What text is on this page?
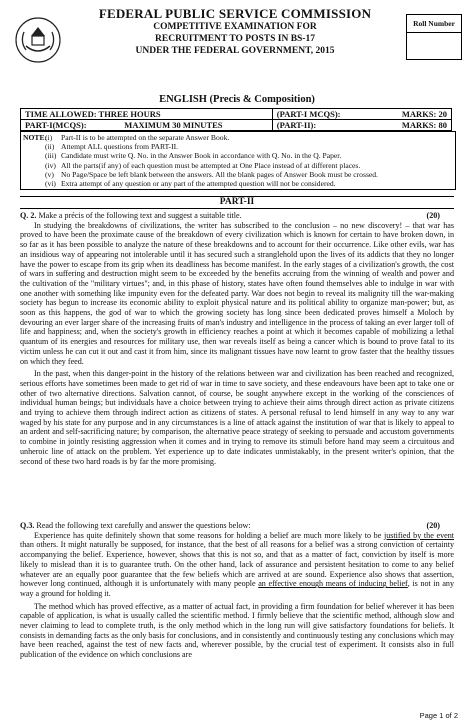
FEDERAL PUBLIC SERVICE COMMISSION
COMPETITIVE EXAMINATION FOR
RECRUITMENT TO POSTS IN BS-17
UNDER THE FEDERAL GOVERNMENT, 2015
Roll Number
ENGLISH (Precis & Composition)
TIME ALLOWED: THREE HOURS		(PART-I MCQS):	MARKS: 20
PART-I(MCQS):	MAXIMUM 30 MINUTES	(PART-II):	MARKS: 80
NOTE:
(i)	Part-II is to be attempted on the separate Answer Book.
(ii) Attempt ALL questions from PART-II.
(iii) Candidate must write Q. No. in the Answer Book in accordance with Q. No. in the Q. Paper.
(iv) All the parts(if any) of each question must be attempted at One Place instead of at different places.
(v) No Page/Space be left blank between the answers. All the blank pages of Answer Book must be crossed.
(vi) Extra attempt of any question or any part of the attempted question will not be considered.
PART-II
Q. 2. Make a précis of the following text and suggest a suitable title.	(20)

In studying the breakdowns of civilizations, the writer has subscribed to the conclusion – no new discovery! – that war has proved to have been the proximate cause of the breakdown of every civilization which is known for certain to have broken down, in so far as it has been possible to analyze the nature of these breakdowns and to account for their occurrence. Like other evils, war has an insidious way of appearing not intolerable until it has secured such a stranglehold upon the lives of its addicts that they no longer have the power to escape from its grip when its deadliness has become manifest. In the early stages of a civilization's growth, the cost of wars in suffering and destruction might seem to be exceeded by the benefits accruing from the winning of wealth and power and the cultivation of the "military virtues"; and, in this phase of history, states have often found themselves able to indulge in war with one another with something like impunity even for the defeated party. War does not begin to reveal its malignity till the war-making society has begun to increase its economic ability to exploit physical nature and its political ability to organize man-power; but, as soon as this happens, the god of war to which the growing society has long since been dedicated proves himself a Moloch by devouring an ever larger share of the increasing fruits of man's industry and intelligence in the process of taking an ever larger toll of life and happiness; and, when the society's growth in efficiency reaches a point at which it becomes capable of mobilizing a lethal quantum of its energies and resources for military use, then war reveals itself as being a cancer which is bound to prove fatal to its victim unless he can cut it out and cast it from him, since its malignant tissues have now learnt to grow faster that the healthy tissues on which they feed.

In the past, when this danger-point in the history of the relations between war and civilization has been reached and recognized, serious efforts have sometimes been made to get rid of war in time to save society, and these endeavours have been apt to take one or other of two alternative directions. Salvation cannot, of course, be sought anywhere except in the working of the consciences of individual human beings; but individuals have a choice between trying to achieve their aims through direct action as private citizens and trying to achieve them through indirect action as citizens of states. A personal refusal to lend himself in any way to any war waged by his state for any purpose and in any circumstances is a line of attack against the institution of war that is likely to appeal to an ardent and self-sacrificing nature; by comparison, the alternative peace strategy of seeking to persuade and accustom governments to combine in jointly resisting aggression when it comes and in trying to remove its stimuli before hand may seem a circuitous and unheroic line of attack on the problem. Yet experience up to date indicates unmistakably, in the present writer's opinion, that the second of these two hard roads is by far the more promising.

Q.3. Read the following text carefully and answer the questions below:	(20)

Experience has quite definitely shown that some reasons for holding a belief are much more likely to be justified by the event than others. It might naturally be supposed, for instance, that the best of all reasons for a belief was a strong conviction of certainty accompanying the belief. Experience, however, shows that this is not so, and that as a matter of fact, conviction by itself is more likely to mislead than it is to guarantee truth. On the other hand, lack of assurance and persistent hesitation to come to any belief whatever are an equally poor guarantee that the few beliefs which are arrived at are sound. Experience also shows that assertion, however long continued, although it is unfortunately with many people an effective enough means of inducing belief, is not in any way a ground for holding it.

The method which has proved effective, as a matter of actual fact, in providing a firm foundation for belief wherever it has been capable of application, is what is usually called the scientific method. I firmly believe that the scientific method, although slow and never claiming to lead to complete truth, is the only method which in the long run will give satisfactory foundations for beliefs. It consists in demanding facts as the only basis for conclusions, and in consistently and continuously testing any conclusions which may have been reached, against the test of new facts and, wherever possible, by the crucial test of experiment. It consists also in full publication of the evidence on which conclusions are

Page 1 of 2
